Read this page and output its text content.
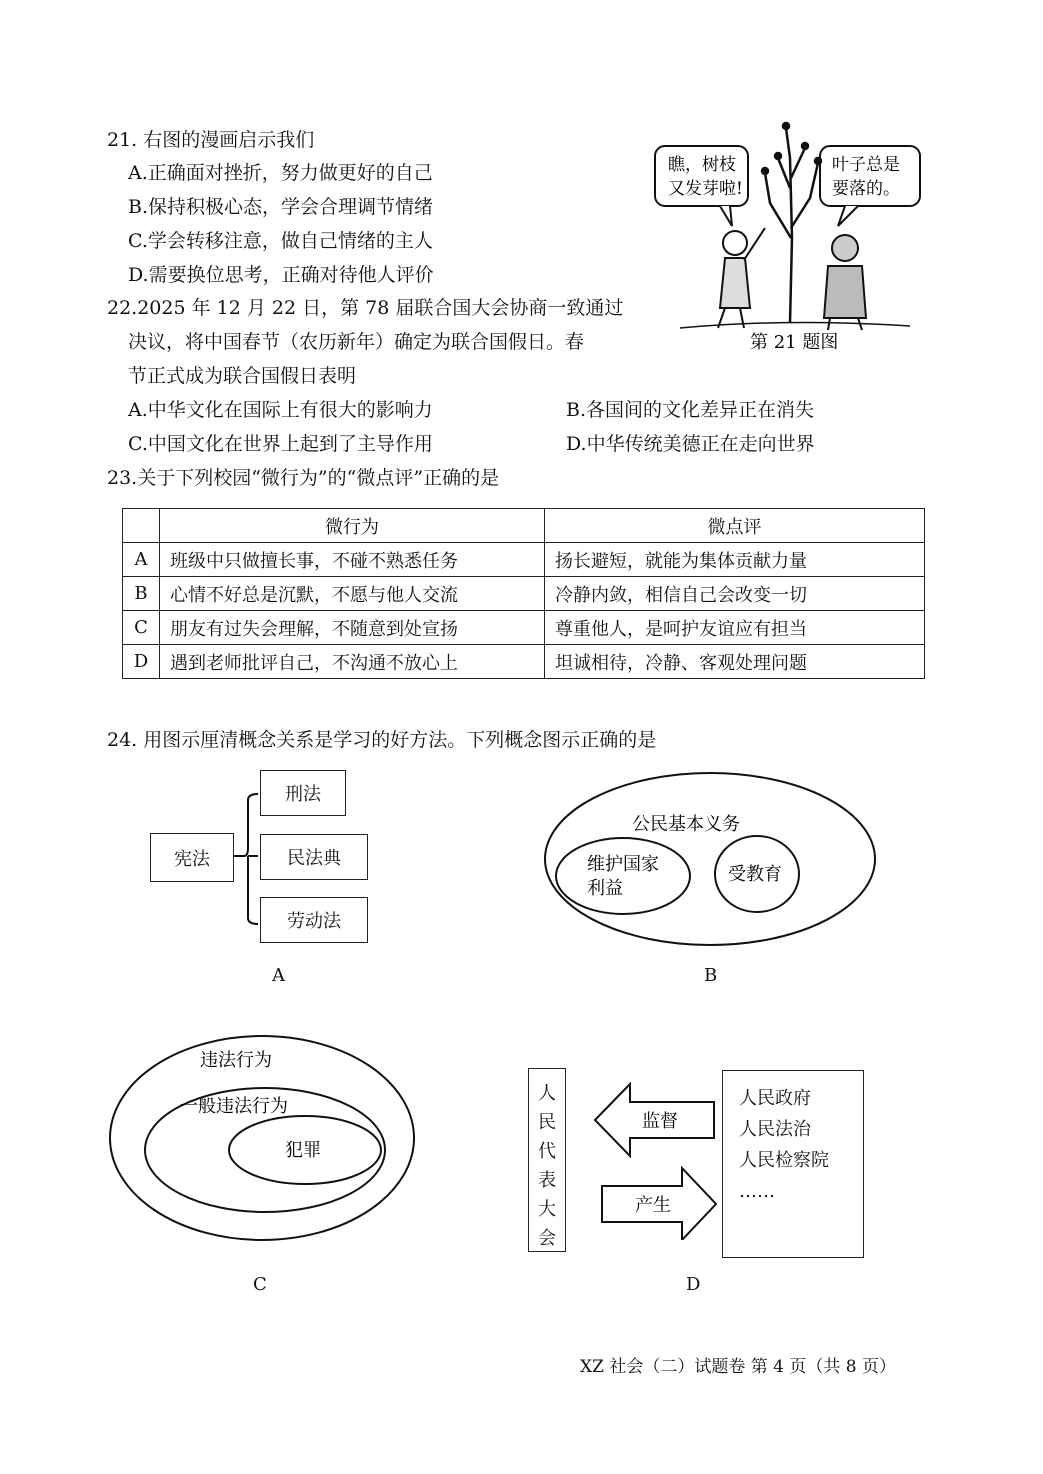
21. 右图的漫画启示我们
A.正确面对挫折，努力做更好的自己
B.保持积极心态，学会合理调节情绪
C.学会转移注意，做自己情绪的主人
D.需要换位思考，正确对待他人评价
瞧，树枝
又发芽啦!
叶子总是
要落的。
第 21 题图
22.2025 年 12 月 22 日，第 78 届联合国大会协商一致通过
决议，将中国春节（农历新年）确定为联合国假日。春
节正式成为联合国假日表明
A.中华文化在国际上有很大的影响力	B.各国间的文化差异正在消失
C.中国文化在世界上起到了主导作用	D.中华传统美德正在走向世界
23.关于下列校园“微行为”的“微点评”正确的是
	微行为	微点评
A	班级中只做擅长事，不碰不熟悉任务	扬长避短，就能为集体贡献力量
B	心情不好总是沉默，不愿与他人交流	冷静内敛，相信自己会改变一切
C	朋友有过失会理解，不随意到处宣扬	尊重他人，是呵护友谊应有担当
D	遇到老师批评自己，不沟通不放心上	坦诚相待，冷静、客观处理问题
24. 用图示厘清概念关系是学习的好方法。下列概念图示正确的是
宪法
刑法
民法典
劳动法
A
公民基本义务
维护国家
利益
受教育
B
违法行为
一般违法行为
犯罪
C
人
民
代
表
大
会
监督
产生
人民政府
人民法治
人民检察院
……
D
XZ 社会（二）试题卷 第 4 页（共 8 页）
